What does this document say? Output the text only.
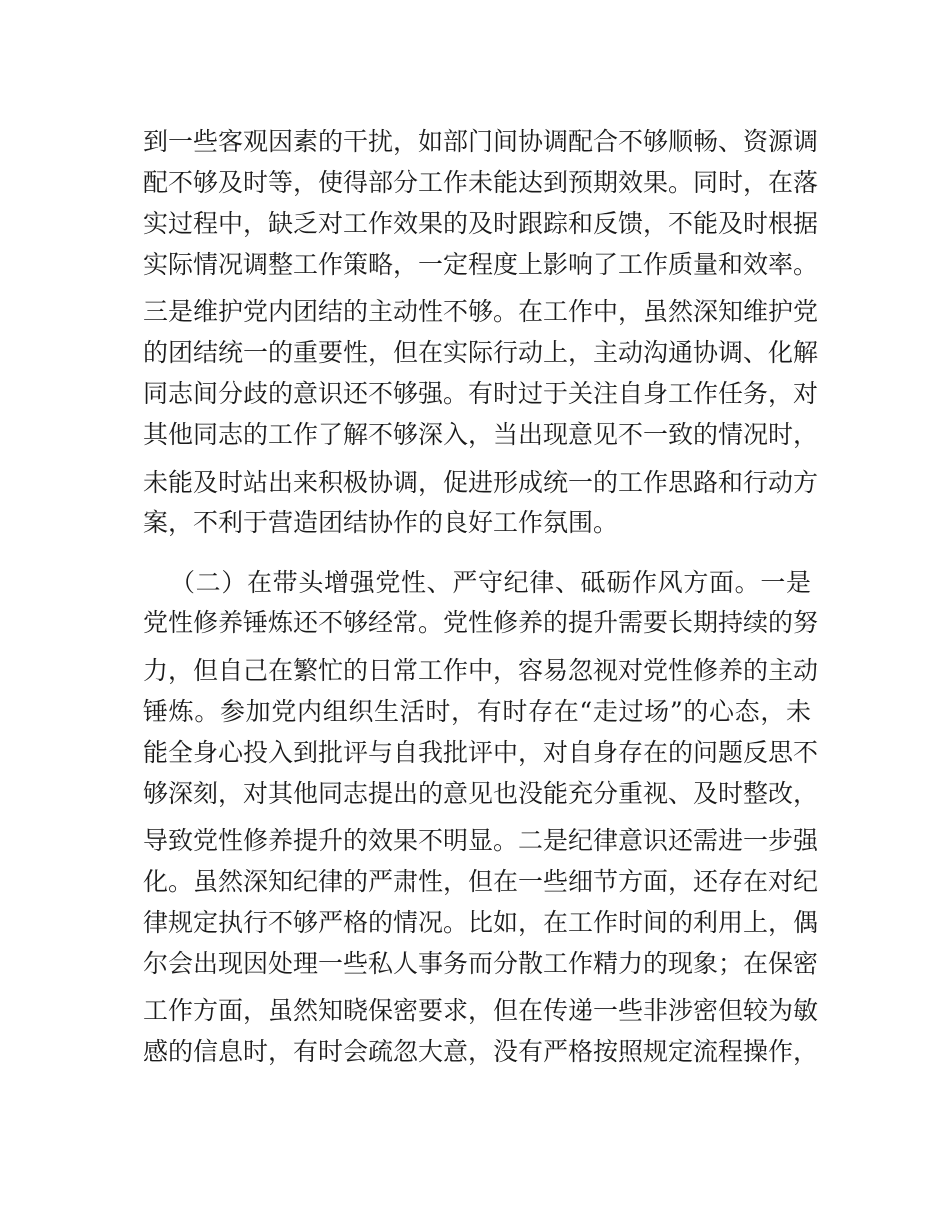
到一些客观因素的干扰，如部门间协调配合不够顺畅、资源调
配不够及时等，使得部分工作未能达到预期效果。同时，在落
实过程中，缺乏对工作效果的及时跟踪和反馈，不能及时根据
实际情况调整工作策略，一定程度上影响了工作质量和效率。
三是维护党内团结的主动性不够。在工作中，虽然深知维护党
的团结统一的重要性，但在实际行动上，主动沟通协调、化解
同志间分歧的意识还不够强。有时过于关注自身工作任务，对
其他同志的工作了解不够深入，当出现意见不一致的情况时，
未能及时站出来积极协调，促进形成统一的工作思路和行动方
案，不利于营造团结协作的良好工作氛围。
（二）在带头增强党性、严守纪律、砥砺作风方面。一是
党性修养锤炼还不够经常。党性修养的提升需要长期持续的努
力，但自己在繁忙的日常工作中，容易忽视对党性修养的主动
锤炼。参加党内组织生活时，有时存在“走过场”的心态，未
能全身心投入到批评与自我批评中，对自身存在的问题反思不
够深刻，对其他同志提出的意见也没能充分重视、及时整改，
导致党性修养提升的效果不明显。二是纪律意识还需进一步强
化。虽然深知纪律的严肃性，但在一些细节方面，还存在对纪
律规定执行不够严格的情况。比如，在工作时间的利用上，偶
尔会出现因处理一些私人事务而分散工作精力的现象；在保密
工作方面，虽然知晓保密要求，但在传递一些非涉密但较为敏
感的信息时，有时会疏忽大意，没有严格按照规定流程操作，
